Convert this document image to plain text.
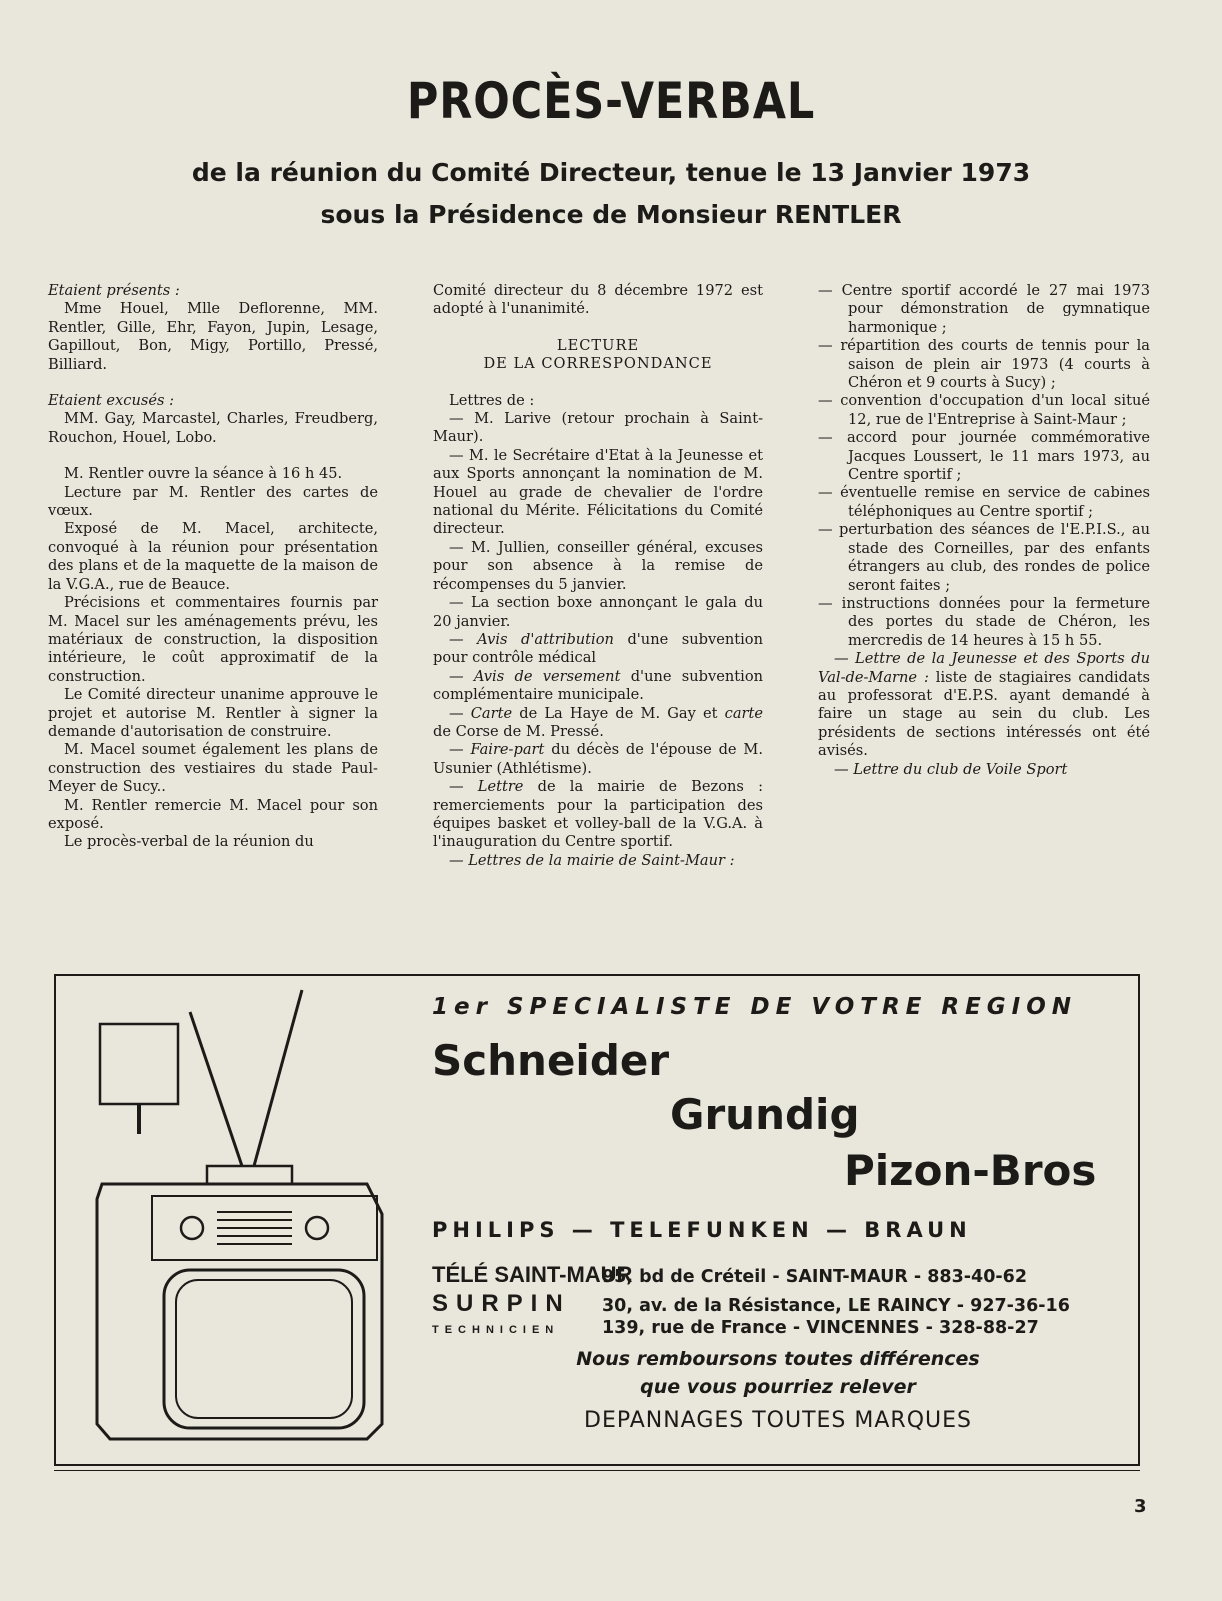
PROCÈS-VERBAL
de la réunion du Comité Directeur, tenue le 13 Janvier 1973
sous la Présidence de Monsieur RENTLER

Etaient présents :

Mme Houel, Mlle Deflorenne, MM. Rentler, Gille, Ehr, Fayon, Jupin, Lesage, Gapillout, Bon, Migy, Portillo, Pressé, Billiard.

Etaient excusés :

MM. Gay, Marcastel, Charles, Freudberg, Rouchon, Houel, Lobo.

M. Rentler ouvre la séance à 16 h 45.

Lecture par M. Rentler des cartes de vœux.

Exposé de M. Macel, architecte, convoqué à la réunion pour présentation des plans et de la maquette de la maison de la V.G.A., rue de Beauce.

Précisions et commentaires fournis par M. Macel sur les aménagements prévu, les matériaux de construction, la disposition intérieure, le coût approximatif de la construction.

Le Comité directeur unanime approuve le projet et autorise M. Rentler à signer la demande d'autorisation de construire.

M. Macel soumet également les plans de construction des vestiaires du stade Paul-Meyer de Sucy..

M. Rentler remercie M. Macel pour son exposé.

Le procès-verbal de la réunion du

Comité directeur du 8 décembre 1972 est adopté à l'unanimité.

LECTURE

DE LA CORRESPONDANCE

Lettres de :

— M. Larive (retour prochain à Saint-Maur).

— M. le Secrétaire d'Etat à la Jeunesse et aux Sports annonçant la nomination de M. Houel au grade de chevalier de l'ordre national du Mérite. Félicitations du Comité directeur.

— M. Jullien, conseiller général, excuses pour son absence à la remise de récompenses du 5 janvier.

— La section boxe annonçant le gala du 20 janvier.

— Avis d'attribution d'une subvention pour contrôle médical

— Avis de versement d'une subvention complémentaire municipale.

— Carte de La Haye de M. Gay et carte de Corse de M. Pressé.

— Faire-part du décès de l'épouse de M. Usunier (Athlétisme).

— Lettre de la mairie de Bezons : remerciements pour la participation des équipes basket et volley-ball de la V.G.A. à l'inauguration du Centre sportif.

— Lettres de la mairie de Saint-Maur :

— Centre sportif accordé le 27 mai 1973 pour démonstration de gymnatique harmonique ;

— répartition des courts de tennis pour la saison de plein air 1973 (4 courts à Chéron et 9 courts à Sucy) ;

— convention d'occupation d'un local situé 12, rue de l'Entreprise à Saint-Maur ;

— accord pour journée commémorative Jacques Loussert, le 11 mars 1973, au Centre sportif ;

— éventuelle remise en service de cabines téléphoniques au Centre sportif ;

— perturbation des séances de l'E.P.I.S., au stade des Corneilles, par des enfants étrangers au club, des rondes de police seront faites ;

— instructions données pour la fermeture des portes du stade de Chéron, les mercredis de 14 heures à 15 h 55.

— Lettre de la Jeunesse et des Sports du Val-de-Marne : liste de stagiaires candidats au professorat d'E.P.S. ayant demandé à faire un stage au sein du club. Les présidents de sections intéressés ont été avisés.

— Lettre du club de Voile Sport

1er SPECIALISTE DE VOTRE REGION
Schneider
Grundig
Pizon-Bros
PHILIPS — TELEFUNKEN — BRAUN
TÉLÉ SAINT-MAUR
95, bd de Créteil - SAINT-MAUR - 883-40-62
SURPIN	30, av. de la Résistance, LE RAINCY - 927-36-16
TECHNICIEN	139, rue de France - VINCENNES - 328-88-27
Nous remboursons toutes différences
que vous pourriez relever
DEPANNAGES TOUTES MARQUES
3
